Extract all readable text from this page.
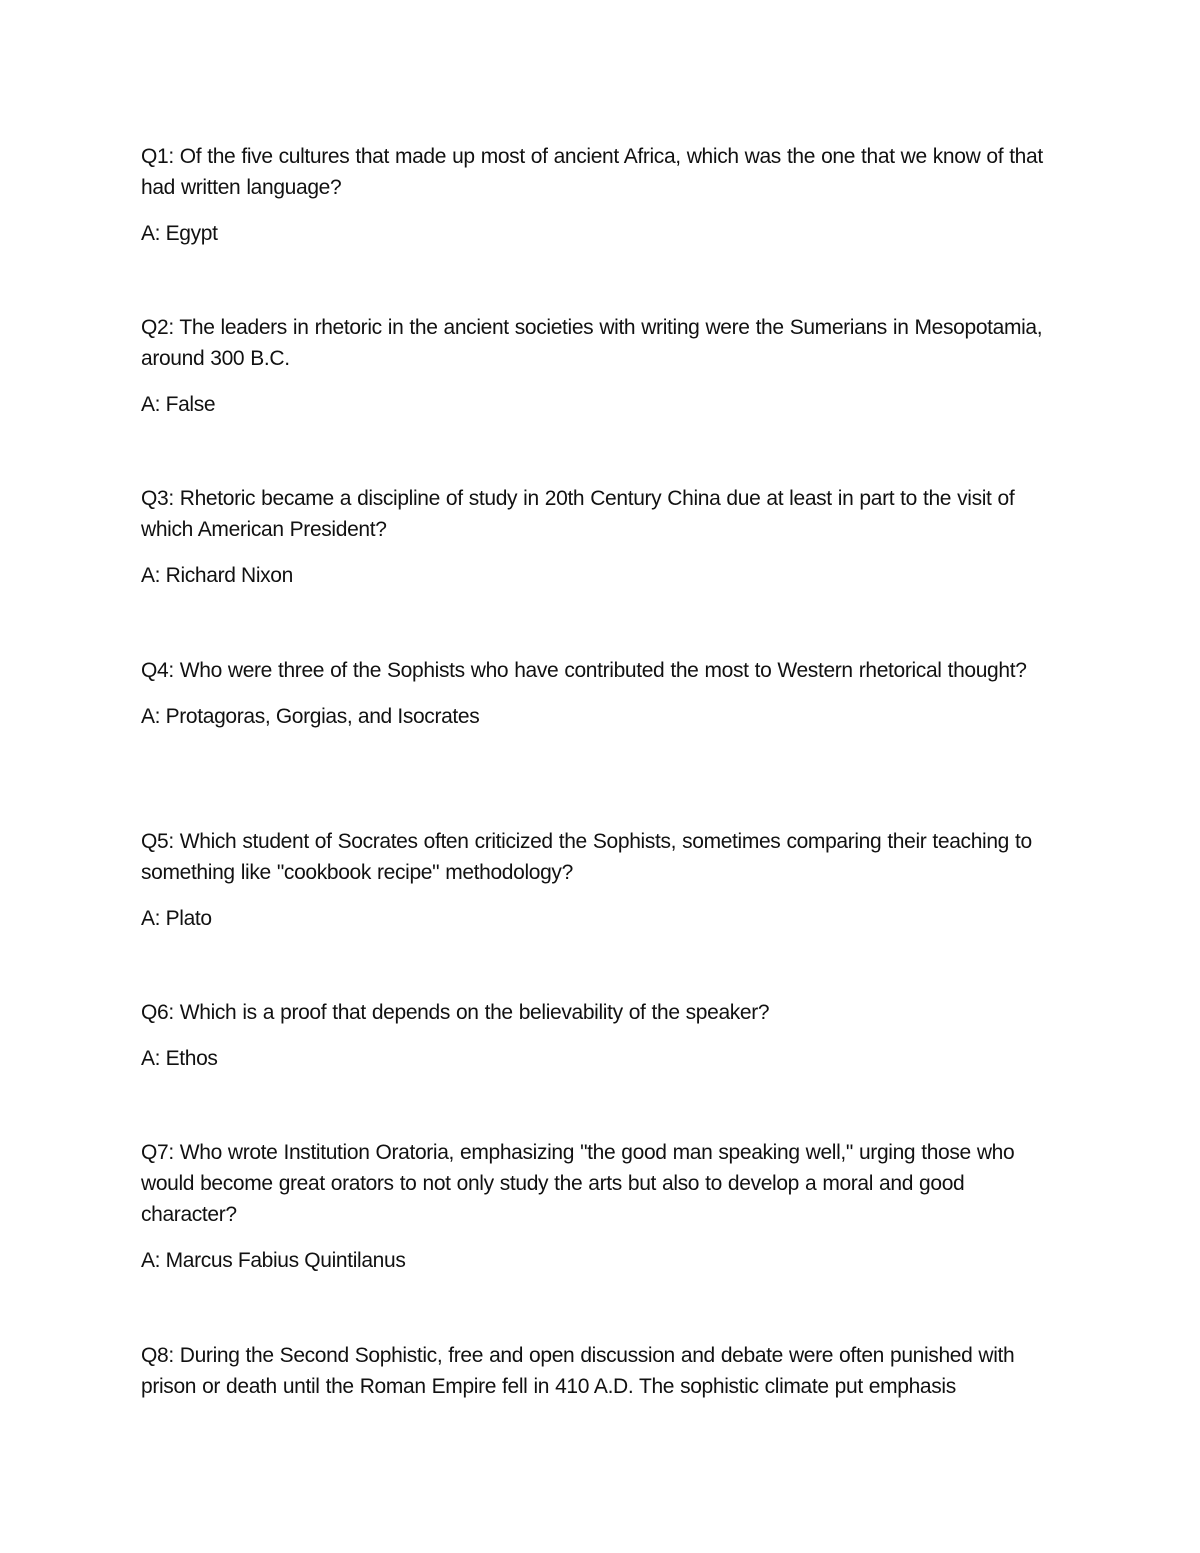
Q1: Of the five cultures that made up most of ancient Africa, which was the one that we know of that had written language?

A: Egypt

Q2: The leaders in rhetoric in the ancient societies with writing were the Sumerians in Mesopotamia, around 300 B.C.

A: False

Q3: Rhetoric became a discipline of study in 20th Century China due at least in part to the visit of which American President?

A: Richard Nixon

Q4: Who were three of the Sophists who have contributed the most to Western rhetorical thought?

A: Protagoras, Gorgias, and Isocrates

Q5: Which student of Socrates often criticized the Sophists, sometimes comparing their teaching to something like "cookbook recipe" methodology?

A: Plato

Q6: Which is a proof that depends on the believability of the speaker?

A: Ethos

Q7: Who wrote Institution Oratoria, emphasizing "the good man speaking well," urging those who would become great orators to not only study the arts but also to develop a moral and good character?

A: Marcus Fabius Quintilanus

Q8: During the Second Sophistic, free and open discussion and debate were often punished with prison or death until the Roman Empire fell in 410 A.D. The sophistic climate put emphasis
